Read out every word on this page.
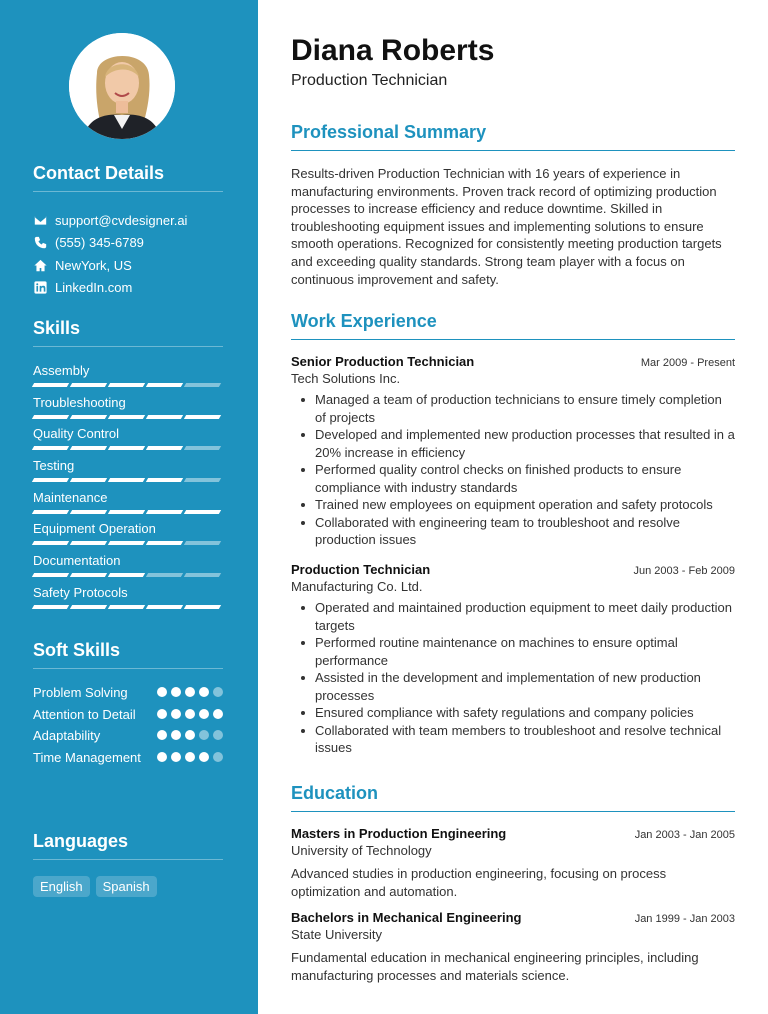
Contact Details
support@cvdesigner.ai
(555) 345-6789
NewYork, US
LinkedIn.com
Skills
Assembly
Troubleshooting
Quality Control
Testing
Maintenance
Equipment Operation
Documentation
Safety Protocols
Soft Skills
Problem Solving
Attention to Detail
Adaptability
Time Management
Languages
English	Spanish
Diana Roberts
Production Technician
Professional Summary

Results-driven Production Technician with 16 years of experience in manufacturing environments. Proven track record of optimizing production processes to increase efficiency and reduce downtime. Skilled in troubleshooting equipment issues and implementing solutions to ensure smooth operations. Recognized for consistently meeting production targets and exceeding quality standards. Strong team player with a focus on continuous improvement and safety.

Work Experience
Senior Production Technician	Mar 2009 - Present
Tech Solutions Inc.
Managed a team of production technicians to ensure timely completion of projects
Developed and implemented new production processes that resulted in a 20% increase in efficiency
Performed quality control checks on finished products to ensure compliance with industry standards
Trained new employees on equipment operation and safety protocols
Collaborated with engineering team to troubleshoot and resolve production issues
Production Technician	Jun 2003 - Feb 2009
Manufacturing Co. Ltd.
Operated and maintained production equipment to meet daily production targets
Performed routine maintenance on machines to ensure optimal performance
Assisted in the development and implementation of new production processes
Ensured compliance with safety regulations and company policies
Collaborated with team members to troubleshoot and resolve technical issues
Education
Masters in Production Engineering	Jan 2003 - Jan 2005
University of Technology
Advanced studies in production engineering, focusing on process optimization and automation.
Bachelors in Mechanical Engineering	Jan 1999 - Jan 2003
State University
Fundamental education in mechanical engineering principles, including manufacturing processes and materials science.
